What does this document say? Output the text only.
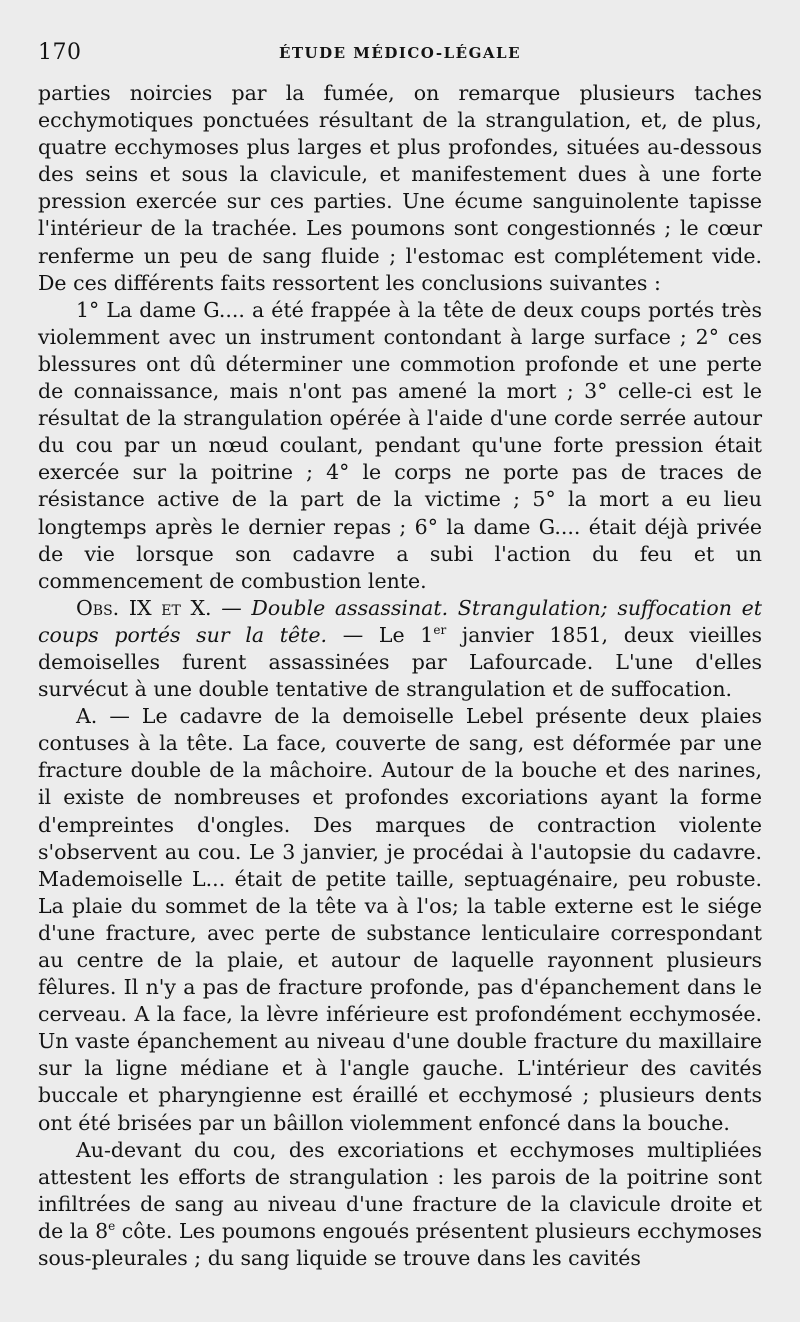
170	ÉTUDE MÉDICO-LÉGALE

parties noircies par la fumée, on remarque plusieurs taches ecchymotiques ponctuées résultant de la strangulation, et, de plus, quatre ecchymoses plus larges et plus profondes, situées au-dessous des seins et sous la clavicule, et manifestement dues à une forte pression exercée sur ces parties. Une écume sanguinolente tapisse l'intérieur de la trachée. Les poumons sont congestionnés ; le cœur renferme un peu de sang fluide ; l'estomac est complétement vide. De ces différents faits ressortent les conclusions suivantes :

1° La dame G.... a été frappée à la tête de deux coups portés très violemment avec un instrument contondant à large surface ; 2° ces blessures ont dû déterminer une commotion profonde et une perte de connaissance, mais n'ont pas amené la mort ; 3° celle-ci est le résultat de la strangulation opérée à l'aide d'une corde serrée autour du cou par un nœud coulant, pendant qu'une forte pression était exercée sur la poitrine ; 4° le corps ne porte pas de traces de résistance active de la part de la victime ; 5° la mort a eu lieu longtemps après le dernier repas ; 6° la dame G.... était déjà privée de vie lorsque son cadavre a subi l'action du feu et un commencement de combustion lente.

Obs. IX et X. — Double assassinat. Strangulation; suffocation et coups portés sur la tête. — Le 1er janvier 1851, deux vieilles demoiselles furent assassinées par Lafourcade. L'une d'elles survécut à une double tentative de strangulation et de suffocation.

A. — Le cadavre de la demoiselle Lebel présente deux plaies contuses à la tête. La face, couverte de sang, est déformée par une fracture double de la mâchoire. Autour de la bouche et des narines, il existe de nombreuses et profondes excoriations ayant la forme d'empreintes d'ongles. Des marques de contraction violente s'observent au cou. Le 3 janvier, je procédai à l'autopsie du cadavre. Mademoiselle L... était de petite taille, septuagénaire, peu robuste. La plaie du sommet de la tête va à l'os; la table externe est le siége d'une fracture, avec perte de substance lenticulaire correspondant au centre de la plaie, et autour de laquelle rayonnent plusieurs fêlures. Il n'y a pas de fracture profonde, pas d'épanchement dans le cerveau. A la face, la lèvre inférieure est profondément ecchymosée. Un vaste épanchement au niveau d'une double fracture du maxillaire sur la ligne médiane et à l'angle gauche. L'intérieur des cavités buccale et pharyngienne est éraillé et ecchymosé ; plusieurs dents ont été brisées par un bâillon violemment enfoncé dans la bouche.

Au-devant du cou, des excoriations et ecchymoses multipliées attestent les efforts de strangulation : les parois de la poitrine sont infiltrées de sang au niveau d'une fracture de la clavicule droite et de la 8e côte. Les poumons engoués présentent plusieurs ecchymoses sous-pleurales ; du sang liquide se trouve dans les cavités
